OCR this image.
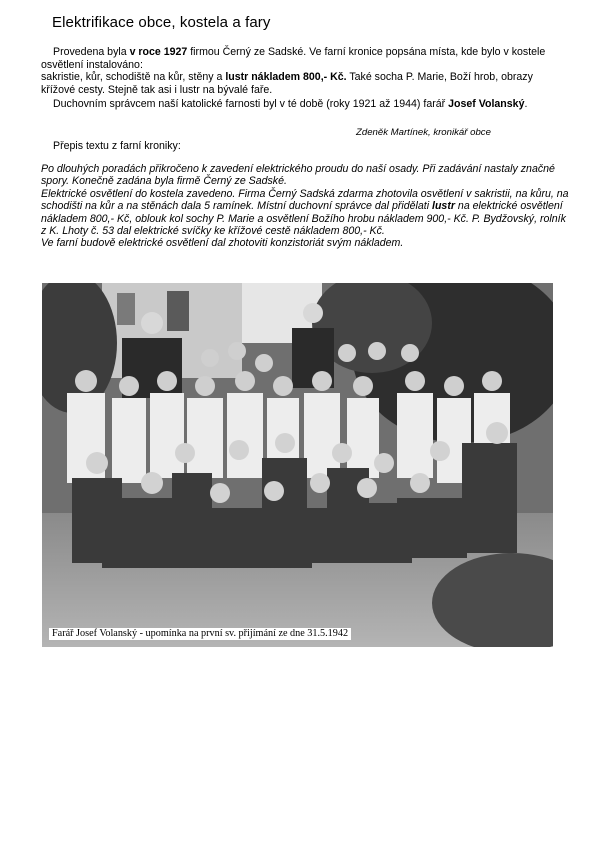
Elektrifikace obce, kostela a fary
Provedena byla v roce 1927 firmou Černý ze Sadské. Ve farní kronice popsána místa, kde bylo v kostele osvětlení instalováno:
sakristie, kůr, schodiště na kůr, stěny a lustr nákladem 800,- Kč. Také socha P. Marie, Boží hrob, obrazy křížové cesty. Stejně tak asi i lustr na bývalé faře.
Duchovním správcem naší katolické farnosti byl v té době (roky 1921 až 1944) farář Josef Volanský.
Zdeněk Martínek, kronikář obce
Přepis textu z farní kroniky:
Po dlouhých poradách přikročeno k zavedení elektrického proudu do naší osady. Při zadávání nastaly značné spory. Konečně zadána byla firmě Černý ze Sadské.
Elektrické osvětlení do kostela zavedeno. Firma Černý Sadská zdarma zhotovila osvětlení v sakristii, na kůru, na schodišti na kůr a na stěnách dala 5 ramínek. Místní duchovní správce dal přidělati lustr na elektrické osvětlení nákladem 800,- Kč, oblouk kol sochy P. Marie a osvětlení Božího hrobu nákladem 900,- Kč. P. Bydžovský, rolník z K. Lhoty č. 53 dal elektrické svíčky ke křížové cestě nákladem 800,- Kč.
Ve farní budově elektrické osvětlení dal zhotoviti konzistoriát svým nákladem.
Farář Josef Volanský - upomínka na první sv. přijímání ze dne 31.5.1942
